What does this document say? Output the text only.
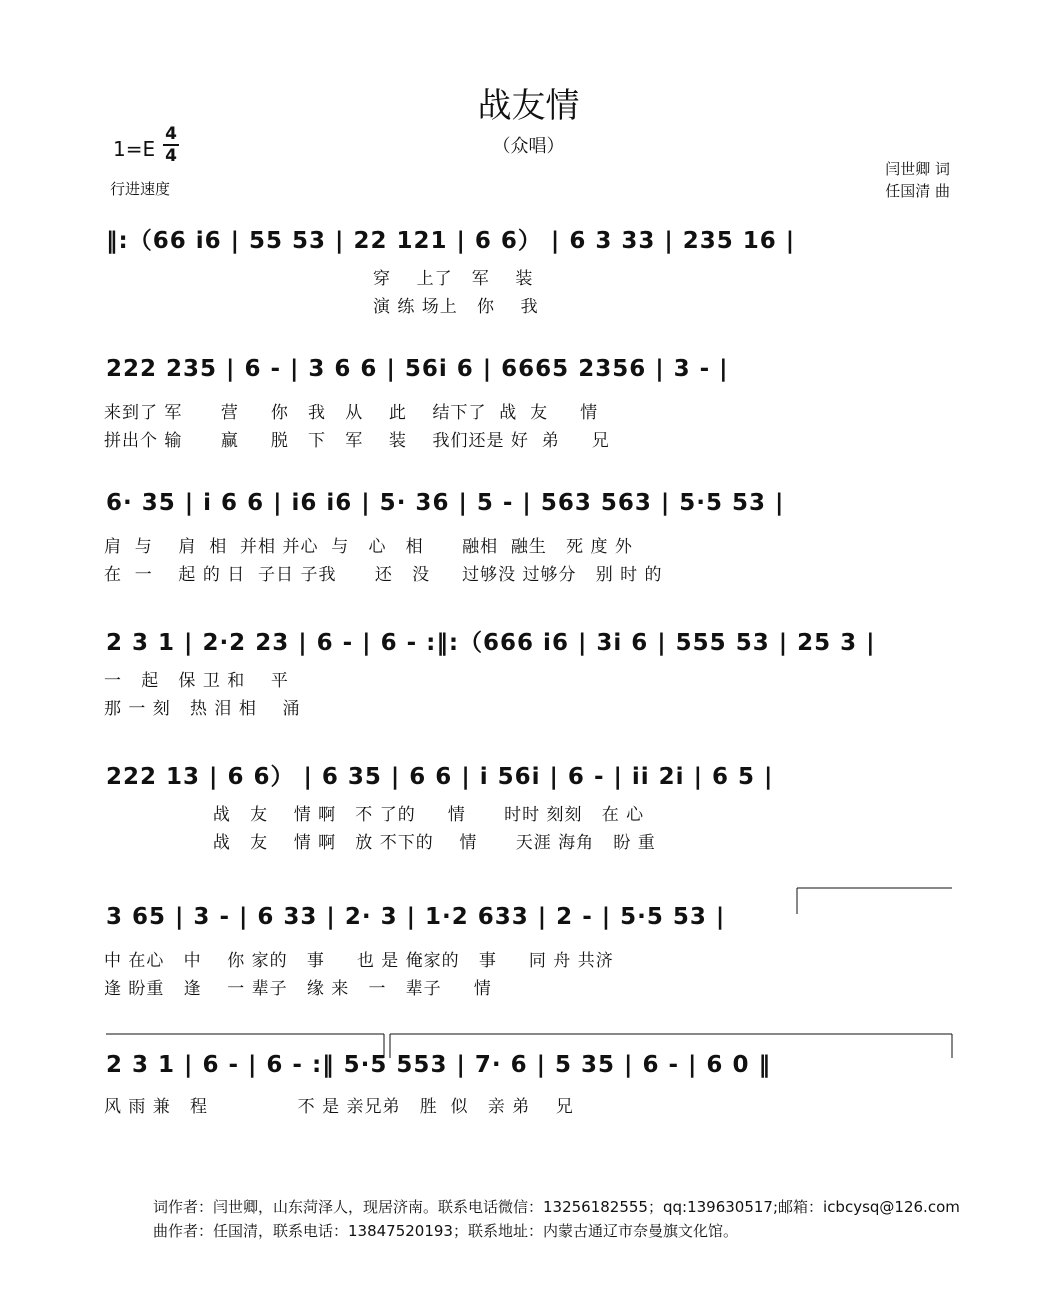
战友情
（众唱）
1=E
4
4
行进速度
闫世卿 词
任国清 曲
‖:（66 i6 | 55 53 | 22 121 | 6 6） | 6 3 33 | 235 16 |
穿    上了   军    装
演 练 场上   你    我
222 235 | 6 - | 3 6 6 | 56i 6 | 6665 2356 | 3 - |
来到了 军      营     你   我   从    此    结下了  战  友     情
拼出个 输      赢     脱   下   军    装    我们还是 好  弟     兄
6· 35 | i 6 6 | i6 i6 | 5· 36 | 5 - | 563 563 | 5·5 53 |
肩  与    肩  相  并相 并心  与   心   相      融相  融生   死 度 外
在  一    起 的 日  子日 子我      还   没     过够没 过够分   别 时 的
2 3 1 | 2·2 23 | 6 - | 6 - :‖:（666 i6 | 3i 6 | 555 53 | 25 3 |
一   起   保 卫 和    平
那 一 刻   热 泪 相    涌
222 13 | 6 6） | 6 35 | 6 6 | i 56i | 6 - | ii 2i | 6 5 |
战   友    情 啊   不 了的     情      时时 刻刻   在 心
战   友    情 啊   放 不下的    情      天涯 海角   盼 重
3 65 | 3 - | 6 33 | 2· 3 | 1·2 633 | 2 - | 5·5 53 |
中 在心   中    你 家的   事     也 是 俺家的   事     同 舟 共济
逢 盼重   逢    一 辈子   缘 来   一   辈子     情
2 3 1 | 6 - | 6 - :‖ 5·5 553 | 7· 6 | 5 35 | 6 - | 6 0 ‖
风 雨 兼   程              不 是 亲兄弟   胜  似   亲 弟    兄
词作者：闫世卿，山东菏泽人，现居济南。联系电话微信：13256182555；qq:139630517;邮箱：icbcysq@126.com
曲作者：任国清，联系电话：13847520193；联系地址：内蒙古通辽市奈曼旗文化馆。
